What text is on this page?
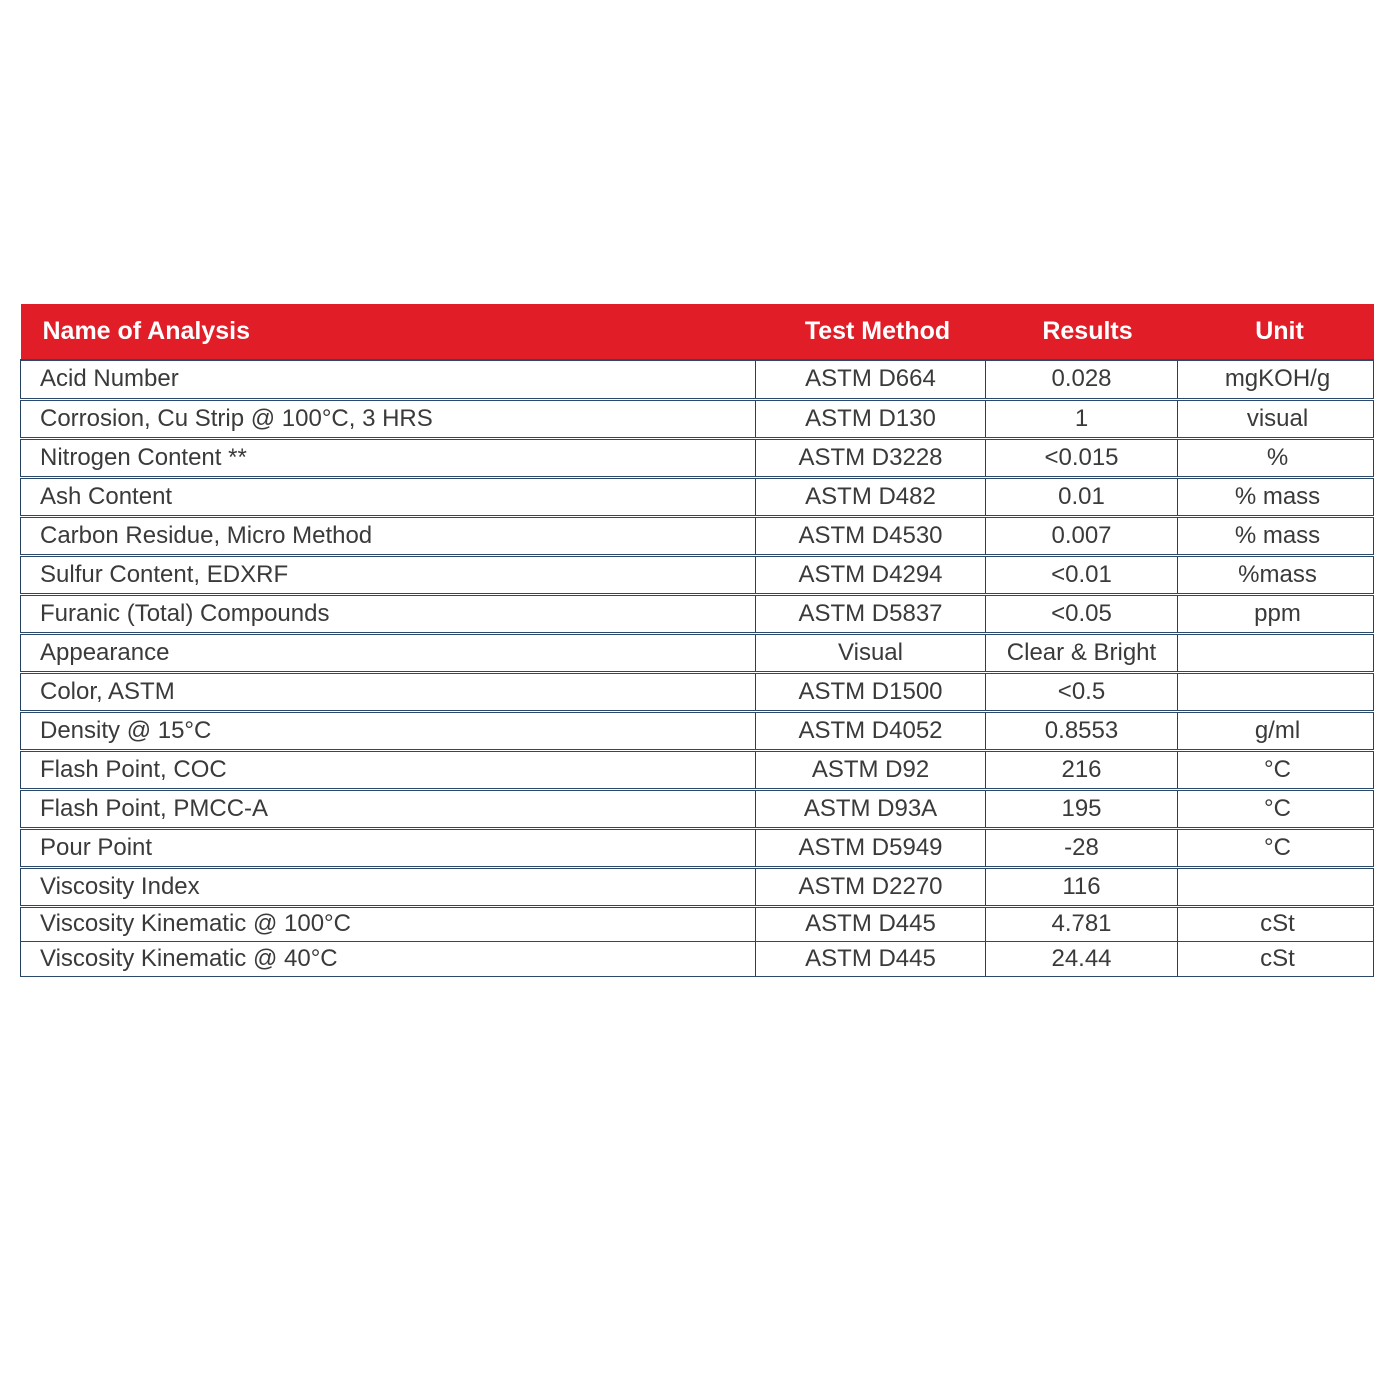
Name of Analysis	Test Method	Results	Unit
Acid Number	ASTM D664	0.028	mgKOH/g
Corrosion, Cu Strip @ 100°C, 3 HRS	ASTM D130	1	visual
Nitrogen Content **	ASTM D3228	<0.015	%
Ash Content	ASTM D482	0.01	% mass
Carbon Residue, Micro Method	ASTM D4530	0.007	% mass
Sulfur Content, EDXRF	ASTM D4294	<0.01	%mass
Furanic (Total) Compounds	ASTM D5837	<0.05	ppm
Appearance	Visual	Clear & Bright	
Color, ASTM	ASTM D1500	<0.5	
Density @ 15°C	ASTM D4052	0.8553	g/ml
Flash Point, COC	ASTM D92	216	°C
Flash Point, PMCC-A	ASTM D93A	195	°C
Pour Point	ASTM D5949	-28	°C
Viscosity Index	ASTM D2270	116	
Viscosity Kinematic @ 100°C	ASTM D445	4.781	cSt
Viscosity Kinematic @ 40°C	ASTM D445	24.44	cSt
